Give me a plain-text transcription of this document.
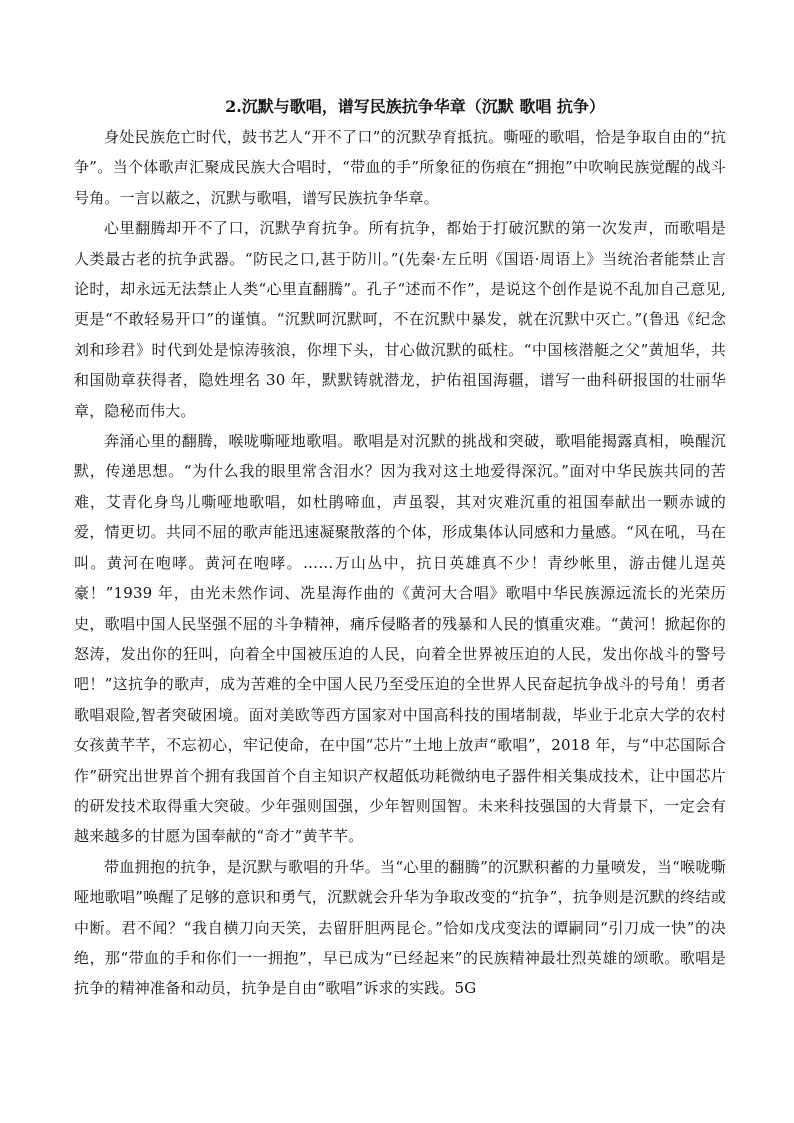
2.沉默与歌唱，谱写民族抗争华章（沉默 歌唱 抗争）

身处民族危亡时代，鼓书艺人“开不了口”的沉默孕育抵抗。嘶哑的歌唱，恰是争取自由的“抗争”。当个体歌声汇聚成民族大合唱时，“带血的手”所象征的伤痕在“拥抱”中吹响民族觉醒的战斗号角。一言以蔽之，沉默与歌唱，谱写民族抗争华章。

心里翻腾却开不了口，沉默孕育抗争。所有抗争，都始于打破沉默的第一次发声，而歌唱是人类最古老的抗争武器。“防民之口,甚于防川。”(先秦·左丘明《国语·周语上》当统治者能禁止言论时，却永远无法禁止人类“心里直翻腾”。孔子“述而不作”，是说这个创作是说不乱加自己意见,更是“不敢轻易开口”的谨慎。“沉默呵沉默呵，不在沉默中暴发，就在沉默中灭亡。”(鲁迅《纪念刘和珍君》时代到处是惊涛骇浪，你埋下头，甘心做沉默的砥柱。“中国核潜艇之父”黄旭华，共和国勋章获得者，隐姓埋名 30 年，默默铸就潜龙，护佑祖国海疆，谱写一曲科研报国的壮丽华章，隐秘而伟大。

奔涌心里的翻腾，喉咙嘶哑地歌唱。歌唱是对沉默的挑战和突破，歌唱能揭露真相，唤醒沉默，传递思想。“为什么我的眼里常含泪水？因为我对这土地爱得深沉。”面对中华民族共同的苦难，艾青化身鸟儿嘶哑地歌唱，如杜鹃啼血，声虽裂，其对灾难沉重的祖国奉献出一颗赤诚的爱，情更切。共同不屈的歌声能迅速凝聚散落的个体，形成集体认同感和力量感。“风在吼，马在叫。黄河在咆哮。黄河在咆哮。……万山丛中，抗日英雄真不少！青纱帐里，游击健儿逞英豪！”1939 年，由光未然作词、冼星海作曲的《黄河大合唱》歌唱中华民族源远流长的光荣历史，歌唱中国人民坚强不屈的斗争精神，痛斥侵略者的残暴和人民的慎重灾难。“黄河！掀起你的怒涛，发出你的狂叫，向着全中国被压迫的人民，向着全世界被压迫的人民，发出你战斗的警号吧！”这抗争的歌声，成为苦难的全中国人民乃至受压迫的全世界人民奋起抗争战斗的号角！勇者歌唱艰险,智者突破困境。面对美欧等西方国家对中国高科技的围堵制裁，毕业于北京大学的农村女孩黄芊芊，不忘初心，牢记使命，在中国“芯片”土地上放声“歌唱”，2018 年，与“中芯国际合作”研究出世界首个拥有我国首个自主知识产权超低功耗微纳电子器件相关集成技术，让中国芯片的研发技术取得重大突破。少年强则国强，少年智则国智。未来科技强国的大背景下，一定会有越来越多的甘愿为国奉献的“奇才”黄芊芊。

带血拥抱的抗争，是沉默与歌唱的升华。当“心里的翻腾”的沉默积蓄的力量喷发，当“喉咙嘶哑地歌唱”唤醒了足够的意识和勇气，沉默就会升华为争取改变的“抗争”，抗争则是沉默的终结或中断。君不闻？“我自横刀向天笑，去留肝胆两昆仑。”恰如戊戌变法的谭嗣同“引刀成一快”的决绝，那“带血的手和你们一一拥抱”，早已成为“已经起来”的民族精神最壮烈英雄的颂歌。歌唱是抗争的精神准备和动员，抗争是自由“歌唱”诉求的实践。5G
